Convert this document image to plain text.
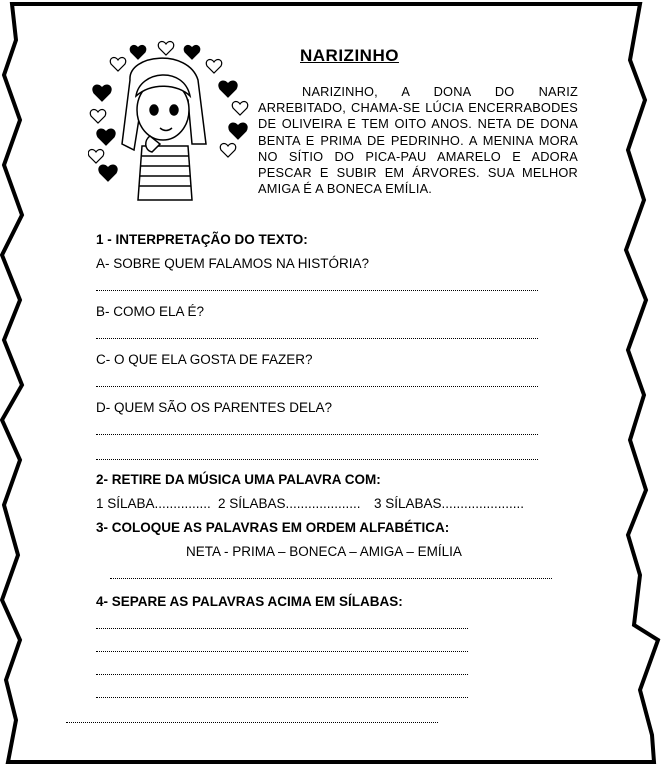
NARIZINHO
NARIZINHO, A DONA DO NARIZ ARREBITADO, CHAMA-SE LÚCIA ENCERRABODES DE OLIVEIRA E TEM OITO ANOS. NETA DE DONA BENTA E PRIMA DE PEDRINHO. A MENINA MORA NO SÍTIO DO PICA-PAU AMARELO E ADORA PESCAR E SUBIR EM ÁRVORES. SUA MELHOR AMIGA É A BONECA EMÍLIA.
1 - INTERPRETAÇÃO DO TEXTO:
A- SOBRE QUEM FALAMOS NA HISTÓRIA?
B- COMO ELA É?
C- O QUE ELA GOSTA DE FAZER?
D- QUEM SÃO OS PARENTES DELA?
2- RETIRE DA MÚSICA UMA PALAVRA COM:
1 SÍLABA............... 2 SÍLABAS.................... 3 SÍLABAS......................
3- COLOQUE AS PALAVRAS EM ORDEM ALFABÉTICA:
NETA - PRIMA – BONECA – AMIGA – EMÍLIA
4- SEPARE AS PALAVRAS ACIMA EM SÍLABAS:
